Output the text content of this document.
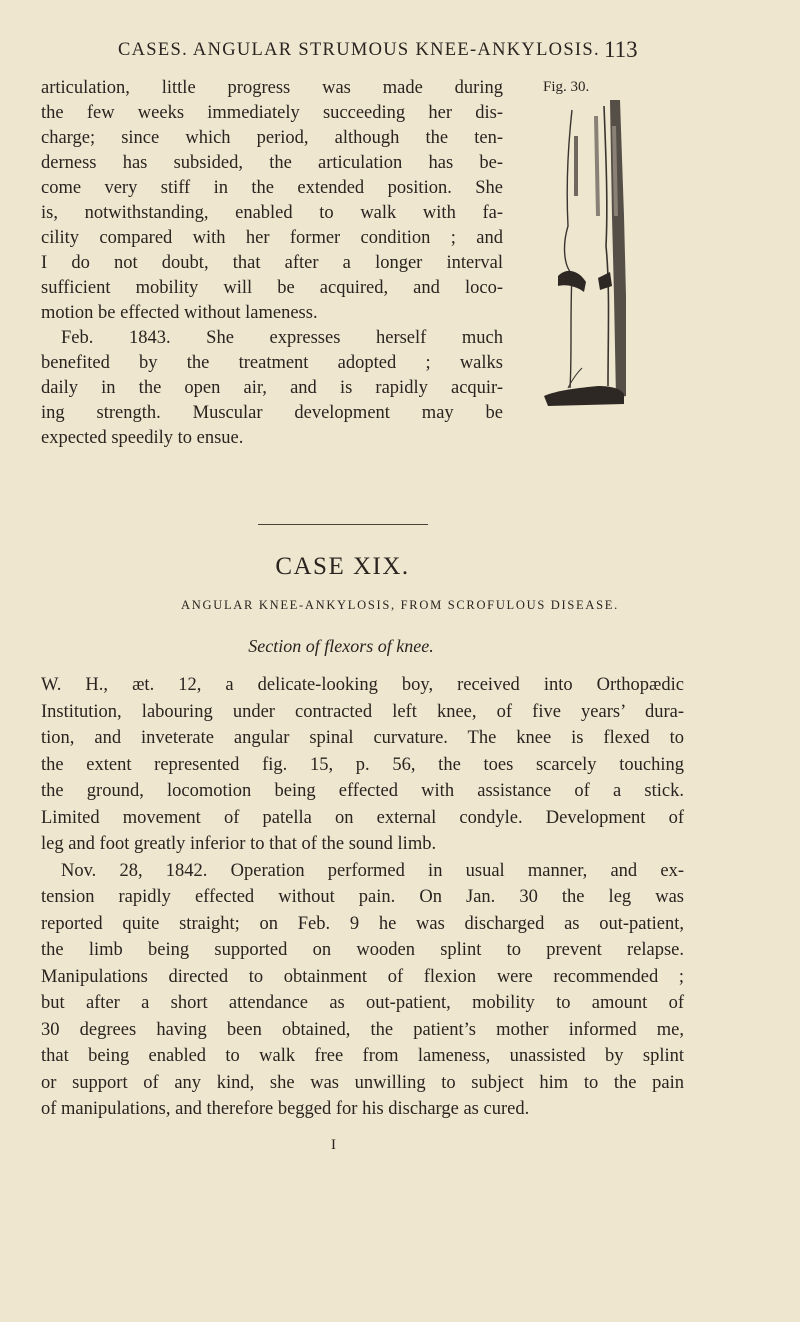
CASES. ANGULAR STRUMOUS KNEE-ANKYLOSIS. 113

articulation, little progress was made during

the few weeks immediately succeeding her dis-

charge; since which period, although the ten-

derness has subsided, the articulation has be-

come very stiff in the extended position. She

is, notwithstanding, enabled to walk with fa-

cility compared with her former condition ; and

I do not doubt, that after a longer interval

sufficient mobility will be acquired, and loco-

motion be effected without lameness.

Feb. 1843. She expresses herself much

benefited by the treatment adopted ; walks

daily in the open air, and is rapidly acquir-

ing strength. Muscular development may be

expected speedily to ensue.

Fig. 30.
CASE XIX.
ANGULAR KNEE-ANKYLOSIS, FROM SCROFULOUS DISEASE.
Section of flexors of knee.

W. H., æt. 12, a delicate-looking boy, received into Orthopædic

Institution, labouring under contracted left knee, of five years’ dura-

tion, and inveterate angular spinal curvature. The knee is flexed to

the extent represented fig. 15, p. 56, the toes scarcely touching

the ground, locomotion being effected with assistance of a stick.

Limited movement of patella on external condyle. Development of

leg and foot greatly inferior to that of the sound limb.

Nov. 28, 1842. Operation performed in usual manner, and ex-

tension rapidly effected without pain. On Jan. 30 the leg was

reported quite straight; on Feb. 9 he was discharged as out-patient,

the limb being supported on wooden splint to prevent relapse.

Manipulations directed to obtainment of flexion were recommended ;

but after a short attendance as out-patient, mobility to amount of

30 degrees having been obtained, the patient’s mother informed me,

that being enabled to walk free from lameness, unassisted by splint

or support of any kind, she was unwilling to subject him to the pain

of manipulations, and therefore begged for his discharge as cured.

I
